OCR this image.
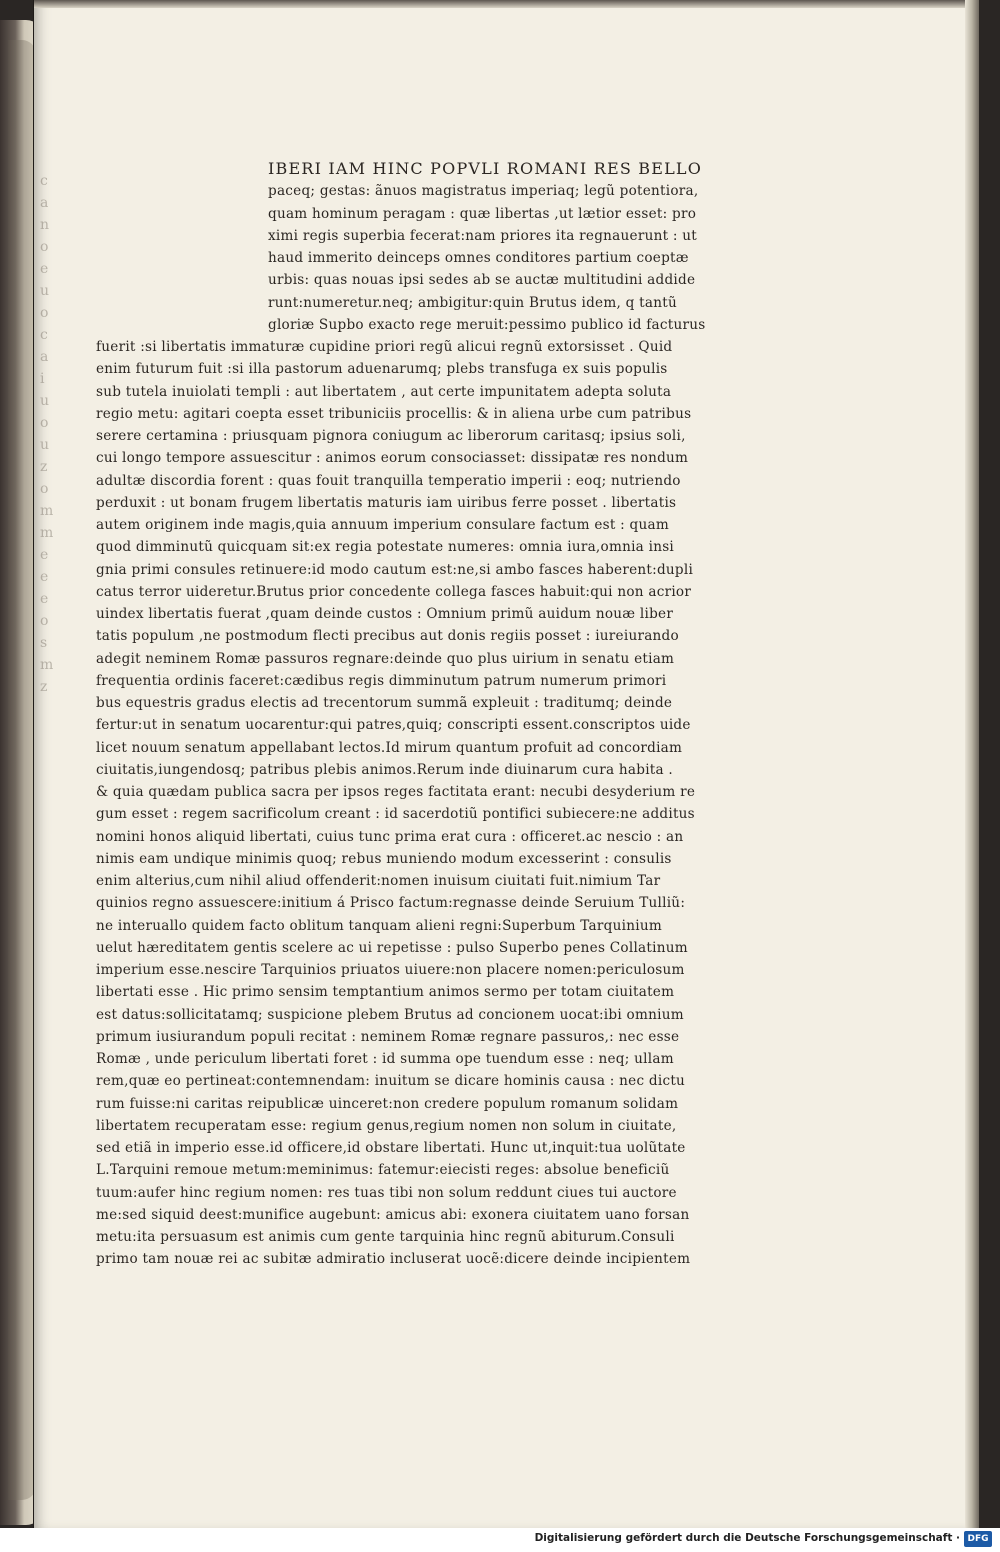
c
a
n
o
e
u
o
c
a
i
u
o
u
z
o
m
m
e
e
e
o
s
m
z
IBERI IAM HINC POPVLI ROMANI RES BELLO
paceq; gestas: ãnuos magistratus imperiaq; legũ potentiora,
quam hominum peragam : quæ libertas ,ut lætior esset: pro
ximi regis superbia fecerat:nam priores ita regnauerunt : ut
haud immerito deinceps omnes conditores partium coeptæ
urbis: quas nouas ipsi sedes ab se auctæ multitudini addide
runt:numeretur.neq; ambigitur:quin Brutus idem, q tantũ
gloriæ Supbo exacto rege meruit:pessimo publico id facturus
fuerit :si libertatis immaturæ cupidine priori regũ alicui regnũ extorsisset . Quid
enim futurum fuit :si illa pastorum aduenarumq; plebs transfuga ex suis populis
sub tutela inuiolati templi : aut libertatem , aut certe impunitatem adepta soluta
regio metu: agitari coepta esset tribuniciis procellis: & in aliena urbe cum patribus
serere certamina : priusquam pignora coniugum ac liberorum caritasq; ipsius soli,
cui longo tempore assuescitur : animos eorum consociasset: dissipatæ res nondum
adultæ discordia forent : quas fouit tranquilla temperatio imperii : eoq; nutriendo
perduxit : ut bonam frugem libertatis maturis iam uiribus ferre posset . libertatis
autem originem inde magis,quia annuum imperium consulare factum est : quam
quod dimminutũ quicquam sit:ex regia potestate numeres: omnia iura,omnia insi
gnia primi consules retinuere:id modo cautum est:ne,si ambo fasces haberent:dupli
catus terror uideretur.Brutus prior concedente collega fasces habuit:qui non acrior
uindex libertatis fuerat ,quam deinde custos : Omnium primũ auidum nouæ liber
tatis populum ,ne postmodum flecti precibus aut donis regiis posset : iureiurando
adegit neminem Romæ passuros regnare:deinde quo plus uirium in senatu etiam
frequentia ordinis faceret:cædibus regis dimminutum patrum numerum primori
bus equestris gradus electis ad trecentorum summã expleuit : traditumq; deinde
fertur:ut in senatum uocarentur:qui patres,quiq; conscripti essent.conscriptos uide
licet nouum senatum appellabant lectos.Id mirum quantum profuit ad concordiam
ciuitatis,iungendosq; patribus plebis animos.Rerum inde diuinarum cura habita .
& quia quædam publica sacra per ipsos reges factitata erant: necubi desyderium re
gum esset : regem sacrificolum creant : id sacerdotiũ pontifici subiecere:ne additus
nomini honos aliquid libertati, cuius tunc prima erat cura : officeret.ac nescio : an
nimis eam undique minimis quoq; rebus muniendo modum excesserint : consulis
enim alterius,cum nihil aliud offenderit:nomen inuisum ciuitati fuit.nimium Tar
quinios regno assuescere:initium á Prisco factum:regnasse deinde Seruium Tulliũ:
ne interuallo quidem facto oblitum tanquam alieni regni:Superbum Tarquinium
uelut hæreditatem gentis scelere ac ui repetisse : pulso Superbo penes Collatinum
imperium esse.nescire Tarquinios priuatos uiuere:non placere nomen:periculosum
libertati esse . Hic primo sensim temptantium animos sermo per totam ciuitatem
est datus:sollicitatamq; suspicione plebem Brutus ad concionem uocat:ibi omnium
primum iusiurandum populi recitat : neminem Romæ regnare passuros,: nec esse
Romæ , unde periculum libertati foret : id summa ope tuendum esse : neq; ullam
rem,quæ eo pertineat:contemnendam: inuitum se dicare hominis causa : nec dictu
rum fuisse:ni caritas reipublicæ uinceret:non credere populum romanum solidam
libertatem recuperatam esse: regium genus,regium nomen non solum in ciuitate,
sed etiã in imperio esse.id officere,id obstare libertati. Hunc ut,inquit:tua uolũtate
L.Tarquini remoue metum:meminimus: fatemur:eiecisti reges: absolue beneficiũ
tuum:aufer hinc regium nomen: res tuas tibi non solum reddunt ciues tui auctore
me:sed siquid deest:munifice augebunt: amicus abi: exonera ciuitatem uano forsan
metu:ita persuasum est animis cum gente tarquinia hinc regnũ abiturum.Consuli
primo tam nouæ rei ac subitæ admiratio incluserat uocẽ:dicere deinde incipientem
Digitalisierung gefördert durch die Deutsche Forschungsgemeinschaft · DFG
